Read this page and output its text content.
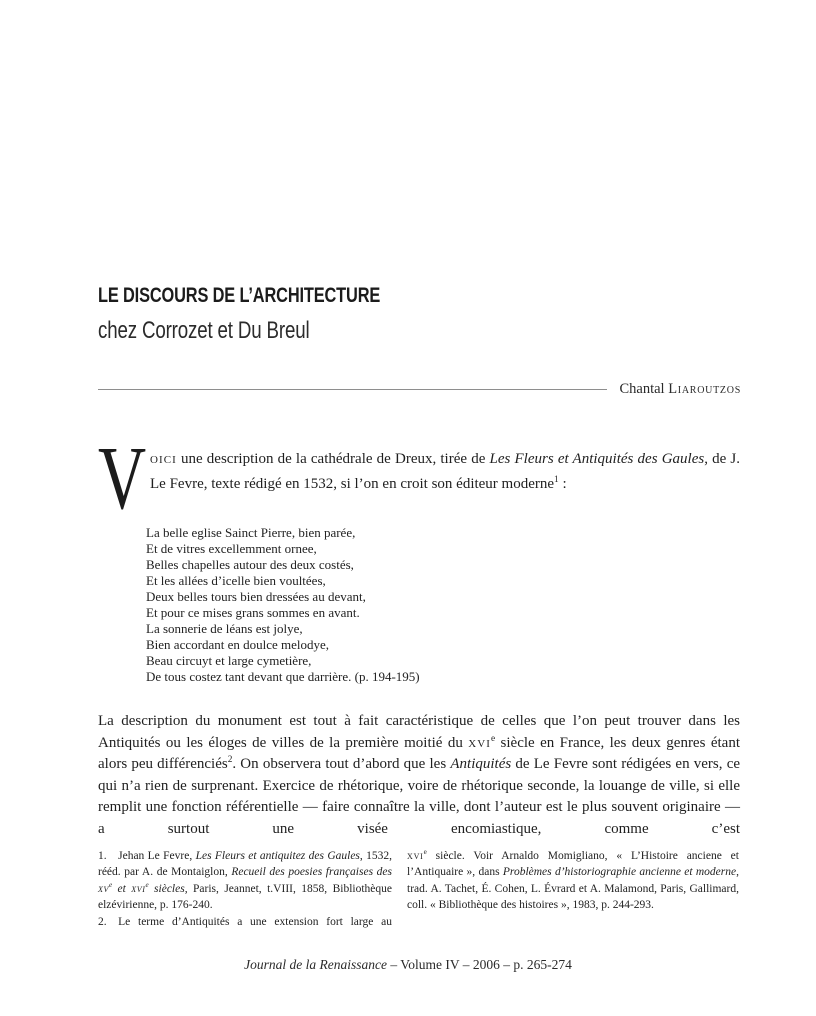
LE DISCOURS DE L’ARCHITECTURE
chez Corrozet et Du Breul
Chantal Liaroutzos
V oici une description de la cathédrale de Dreux, tirée de Les Fleurs et Antiquités des Gaules, de J. Le Fevre, texte rédigé en 1532, si l’on en croit son éditeur moderne$^1$ :

La belle eglise Sainct Pierre, bien parée,
Et de vitres excellemment ornee,
Belles chapelles autour des deux costés,
Et les allées d’icelle bien voultées,
Deux belles tours bien dressées au devant,
Et pour ce mises grans sommes en avant.
La sonnerie de léans est jolye,
Bien accordant en doulce melodye,
Beau circuyt et large cymetière,
De tous costez tant devant que darrière. (p. 194-195)

La description du monument est tout à fait caractéristique de celles que l’on peut trouver dans les Antiquités ou les éloges de villes de la première moitié du xvi$^e$ siècle en France, les deux genres étant alors peu différenciés$^2$. On observera tout d’abord que les Antiquités de Le Fevre sont rédigées en vers, ce qui n’a rien de surprenant. Exercice de rhétorique, voire de rhétorique seconde, la louange de ville, si elle remplit une fonction référentielle — faire connaître la ville, dont l’auteur est le plus souvent originaire — a surtout une visée encomiastique, comme c’est

1. Jehan Le Fevre, Les Fleurs et antiquitez des Gaules, 1532, rééd. par A. de Montaiglon, Recueil des poesies françaises des $xv^e$ et xvi$^e$ siècles, Paris, Jeannet, t.VIII, 1858, Bibliothèque elzévirienne, p. 176-240.

2. Le terme d’Antiquités a une extension fort large au

xvi$^e$ siècle. Voir Arnaldo Momigliano, « L’Histoire anciene et l’Antiquaire », dans Problèmes d’historiographie ancienne et moderne, trad. A. Tachet, É. Cohen, L. Évrard et A. Malamond, Paris, Gallimard, coll. « Bibliothèque des histoires », 1983, p. 244-293.

Journal de la Renaissance – Volume IV – 2006 – p. 265-274
